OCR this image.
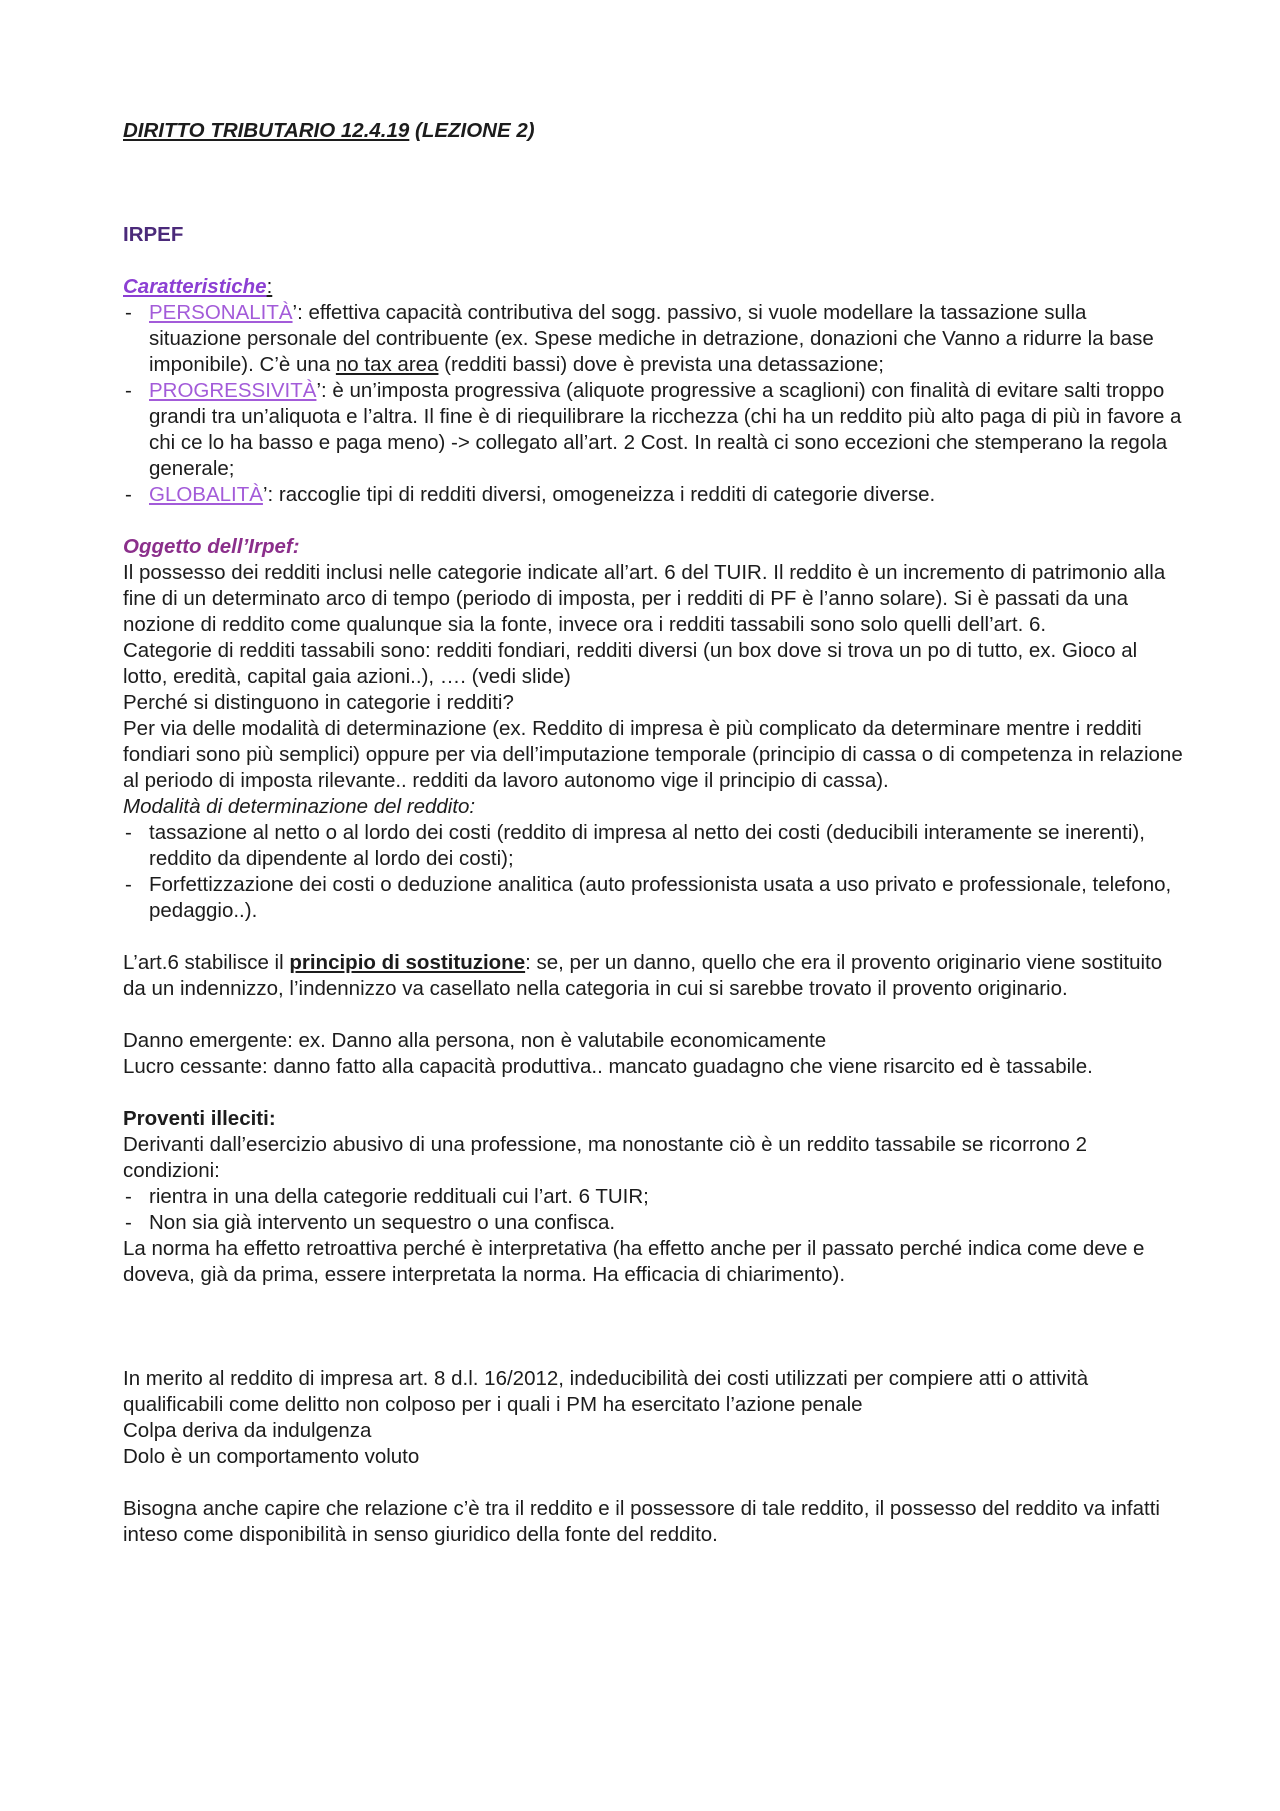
DIRITTO TRIBUTARIO 12.4.19 (LEZIONE 2)

IRPEF

Caratteristiche:

- PERSONALITÀ’: effettiva capacità contributiva del sogg. passivo, si vuole modellare la tassazione sulla situazione personale del contribuente (ex. Spese mediche in detrazione, donazioni che Vanno a ridurre la base imponibile). C’è una no tax area (redditi bassi) dove è prevista una detassazione;
- PROGRESSIVITÀ’: è un’imposta progressiva (aliquote progressive a scaglioni) con finalità di evitare salti troppo grandi tra un’aliquota e l’altra. Il fine è di riequilibrare la ricchezza (chi ha un reddito più alto paga di più in favore a chi ce lo ha basso e paga meno) -> collegato all’art. 2 Cost. In realtà ci sono eccezioni che stemperano la regola generale;
- GLOBALITÀ’: raccoglie tipi di redditi diversi, omogeneizza i redditi di categorie diverse.

Oggetto dell’Irpef:

Il possesso dei redditi inclusi nelle categorie indicate all’art. 6 del TUIR. Il reddito è un incremento di patrimonio alla fine di un determinato arco di tempo (periodo di imposta, per i redditi di PF è l’anno solare). Si è passati da una nozione di reddito come qualunque sia la fonte, invece ora i redditi tassabili sono solo quelli dell’art. 6.

Categorie di redditi tassabili sono: redditi fondiari, redditi diversi (un box dove si trova un po di tutto, ex. Gioco al lotto, eredità, capital gaia azioni..), …. (vedi slide)

Perché si distinguono in categorie i redditi?

Per via delle modalità di determinazione (ex. Reddito di impresa è più complicato da determinare mentre i redditi fondiari sono più semplici) oppure per via dell’imputazione temporale (principio di cassa o di competenza in relazione al periodo di imposta rilevante.. redditi da lavoro autonomo vige il principio di cassa).

Modalità di determinazione del reddito:

- tassazione al netto o al lordo dei costi (reddito di impresa al netto dei costi (deducibili interamente se inerenti), reddito da dipendente al lordo dei costi);
- Forfettizzazione dei costi o deduzione analitica (auto professionista usata a uso privato e professionale, telefono, pedaggio..).

L’art.6 stabilisce il principio di sostituzione: se, per un danno, quello che era il provento originario viene sostituito da un indennizzo, l’indennizzo va casellato nella categoria in cui si sarebbe trovato il provento originario.

Danno emergente: ex. Danno alla persona, non è valutabile economicamente

Lucro cessante: danno fatto alla capacità produttiva.. mancato guadagno che viene risarcito ed è tassabile.

Proventi illeciti:

Derivanti dall’esercizio abusivo di una professione, ma nonostante ciò è un reddito tassabile se ricorrono 2 condizioni:

- rientra in una della categorie reddituali cui l’art. 6 TUIR;
- Non sia già intervento un sequestro o una confisca.

La norma ha effetto retroattiva perché è interpretativa (ha effetto anche per il passato perché indica come deve e doveva, già da prima, essere interpretata la norma. Ha efficacia di chiarimento).

In merito al reddito di impresa art. 8 d.l. 16/2012, indeducibilità dei costi utilizzati per compiere atti o attività qualificabili come delitto non colposo per i quali i PM ha esercitato l’azione penale

Colpa deriva da indulgenza

Dolo è un comportamento voluto

Bisogna anche capire che relazione c’è tra il reddito e il possessore di tale reddito, il possesso del reddito va infatti inteso come disponibilità in senso giuridico della fonte del reddito.
